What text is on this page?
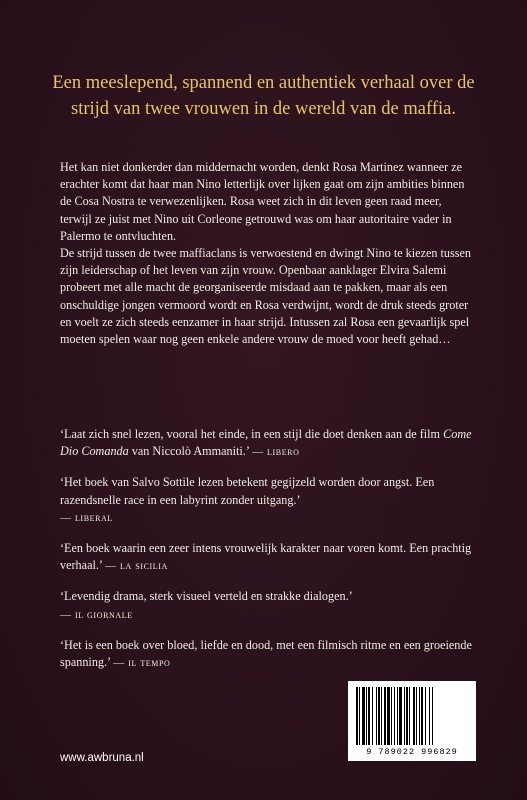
Een meeslepend, spannend en authentiek verhaal over de strijd van twee vrouwen in de wereld van de maffia.

Het kan niet donkerder dan middernacht worden, denkt Rosa Martinez wanneer ze erachter komt dat haar man Nino letterlijk over lijken gaat om zijn ambities binnen de Cosa Nostra te verwezenlijken. Rosa weet zich in dit leven geen raad meer, terwijl ze juist met Nino uit Corleone getrouwd was om haar autoritaire vader in Palermo te ontvluchten.

De strijd tussen de twee maffiaclans is verwoestend en dwingt Nino te kiezen tussen zijn leiderschap of het leven van zijn vrouw. Openbaar aanklager Elvira Salemi probeert met alle macht de georganiseerde misdaad aan te pakken, maar als een onschuldige jongen vermoord wordt en Rosa verdwijnt, wordt de druk steeds groter en voelt ze zich steeds eenzamer in haar strijd. Intussen zal Rosa een gevaarlijk spel moeten spelen waar nog geen enkele andere vrouw de moed voor heeft gehad…

‘Laat zich snel lezen, vooral het einde, in een stijl die doet denken aan de film Come Dio Comanda van Niccolò Ammaniti.’ — libero
‘Het boek van Salvo Sottile lezen betekent gegijzeld worden door angst. Een razendsnelle race in een labyrint zonder uitgang.’
— liberal
‘Een boek waarin een zeer intens vrouwelijk karakter naar voren komt. Een prachtig verhaal.’ — la sicilia
‘Levendig drama, sterk visueel verteld en strakke dialogen.’
— il giornale
‘Het is een boek over bloed, liefde en dood, met een filmisch ritme en een groeiende spanning.’ — il tempo
www.awbruna.nl	9 789022 996829
